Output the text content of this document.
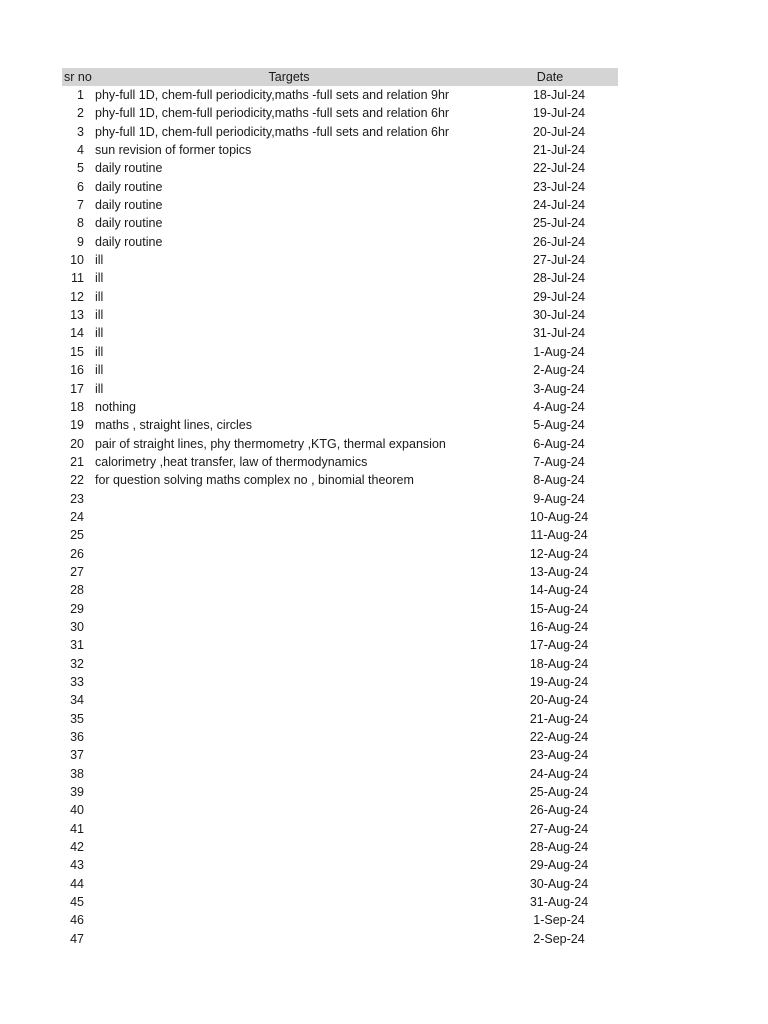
sr no	Targets	Date
1 phy-full 1D, chem-full periodicity,maths -full sets and relation 9hr	18-Jul-24
2 phy-full 1D, chem-full periodicity,maths -full sets and relation 6hr	19-Jul-24
3 phy-full 1D, chem-full periodicity,maths -full sets and relation 6hr	20-Jul-24
4 sun revision of former topics	21-Jul-24
5 daily routine	22-Jul-24
6 daily routine	23-Jul-24
7 daily routine	24-Jul-24
8 daily routine	25-Jul-24
9 daily routine	26-Jul-24
10 ill	27-Jul-24
11 ill	28-Jul-24
12 ill	29-Jul-24
13 ill	30-Jul-24
14 ill	31-Jul-24
15 ill	1-Aug-24
16 ill	2-Aug-24
17 ill	3-Aug-24
18 nothing	4-Aug-24
19 maths , straight lines, circles	5-Aug-24
20 pair of straight lines, phy thermometry ,KTG, thermal expansion	6-Aug-24
21 calorimetry ,heat transfer, law of thermodynamics	7-Aug-24
22 for question solving maths complex no , binomial theorem	8-Aug-24
23	9-Aug-24
24	10-Aug-24
25	11-Aug-24
26	12-Aug-24
27	13-Aug-24
28	14-Aug-24
29	15-Aug-24
30	16-Aug-24
31	17-Aug-24
32	18-Aug-24
33	19-Aug-24
34	20-Aug-24
35	21-Aug-24
36	22-Aug-24
37	23-Aug-24
38	24-Aug-24
39	25-Aug-24
40	26-Aug-24
41	27-Aug-24
42	28-Aug-24
43	29-Aug-24
44	30-Aug-24
45	31-Aug-24
46	1-Sep-24
47	2-Sep-24
